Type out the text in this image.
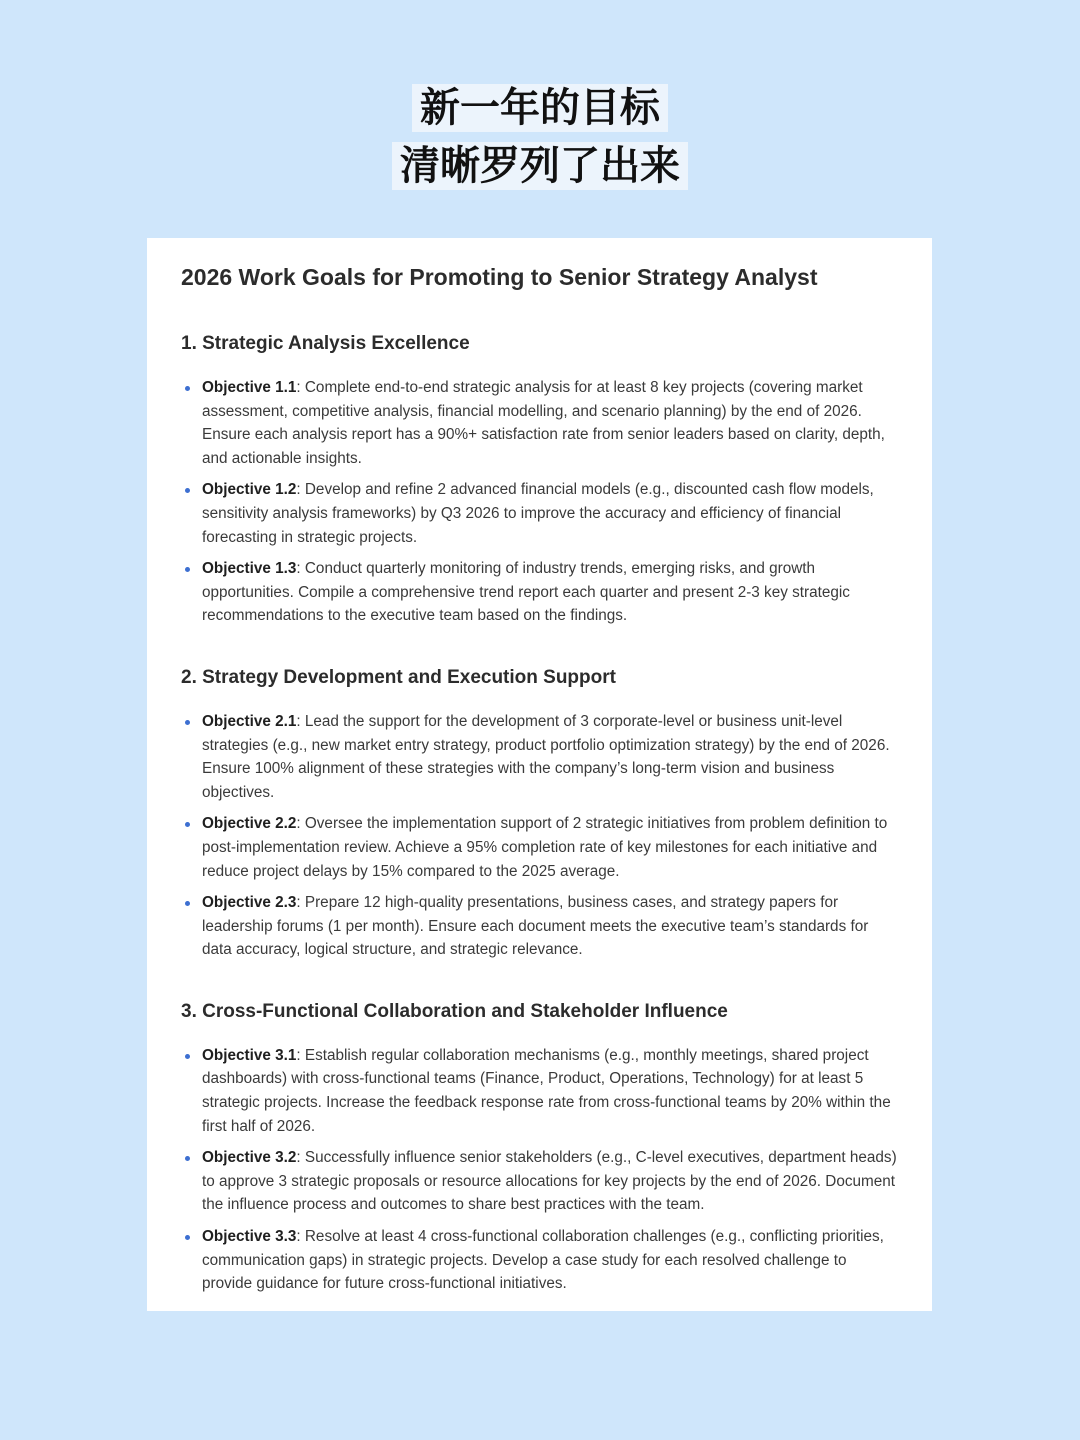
新一年的目标
清晰罗列了出来
2026 Work Goals for Promoting to Senior Strategy Analyst
1. Strategic Analysis Excellence
Objective 1.1: Complete end-to-end strategic analysis for at least 8 key projects (covering market assessment, competitive analysis, financial modelling, and scenario planning) by the end of 2026. Ensure each analysis report has a 90%+ satisfaction rate from senior leaders based on clarity, depth, and actionable insights.
Objective 1.2: Develop and refine 2 advanced financial models (e.g., discounted cash flow models, sensitivity analysis frameworks) by Q3 2026 to improve the accuracy and efficiency of financial forecasting in strategic projects.
Objective 1.3: Conduct quarterly monitoring of industry trends, emerging risks, and growth opportunities. Compile a comprehensive trend report each quarter and present 2-3 key strategic recommendations to the executive team based on the findings.
2. Strategy Development and Execution Support
Objective 2.1: Lead the support for the development of 3 corporate-level or business unit-level strategies (e.g., new market entry strategy, product portfolio optimization strategy) by the end of 2026. Ensure 100% alignment of these strategies with the company’s long-term vision and business objectives.
Objective 2.2: Oversee the implementation support of 2 strategic initiatives from problem definition to post-implementation review. Achieve a 95% completion rate of key milestones for each initiative and reduce project delays by 15% compared to the 2025 average.
Objective 2.3: Prepare 12 high-quality presentations, business cases, and strategy papers for leadership forums (1 per month). Ensure each document meets the executive team’s standards for data accuracy, logical structure, and strategic relevance.
3. Cross-Functional Collaboration and Stakeholder Influence
Objective 3.1: Establish regular collaboration mechanisms (e.g., monthly meetings, shared project dashboards) with cross-functional teams (Finance, Product, Operations, Technology) for at least 5 strategic projects. Increase the feedback response rate from cross-functional teams by 20% within the first half of 2026.
Objective 3.2: Successfully influence senior stakeholders (e.g., C-level executives, department heads) to approve 3 strategic proposals or resource allocations for key projects by the end of 2026. Document the influence process and outcomes to share best practices with the team.
Objective 3.3: Resolve at least 4 cross-functional collaboration challenges (e.g., conflicting priorities, communication gaps) in strategic projects. Develop a case study for each resolved challenge to provide guidance for future cross-functional initiatives.
